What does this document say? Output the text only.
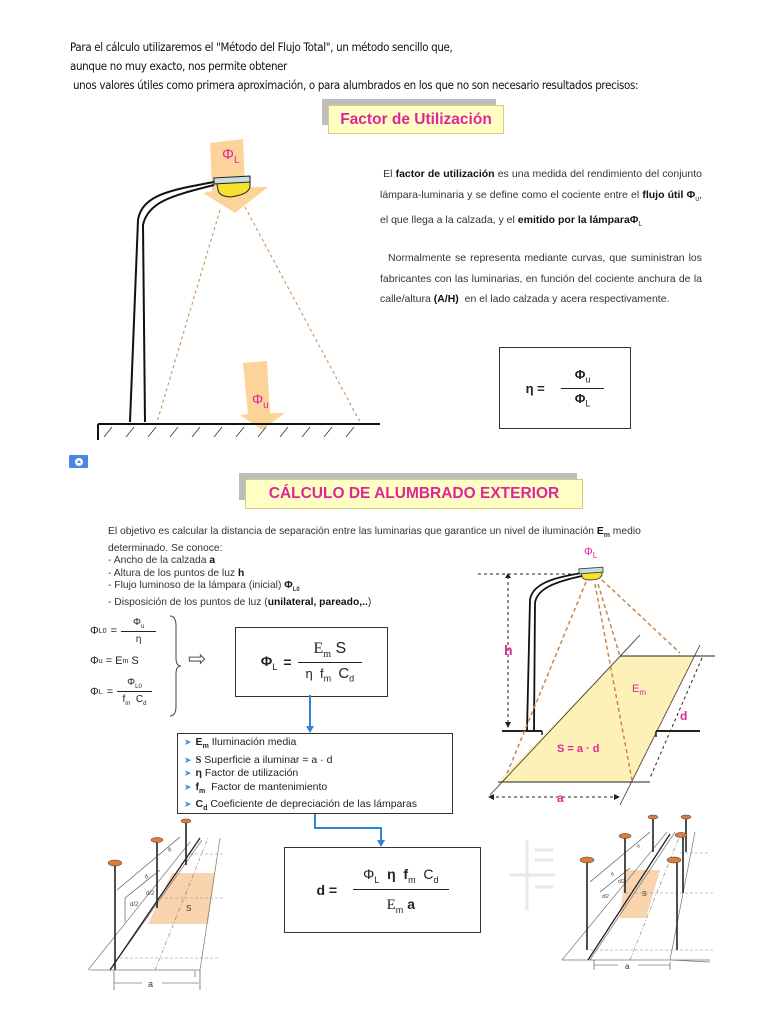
Para el cálculo utilizaremos el "Método del Flujo Total", un método sencillo que,
aunque no muy exacto, nos permite obtener
unos valores útiles como primera aproximación, o para alumbrados en los que no son necesario resultados precisos:
Factor de Utilización
$\Phi_L$
$\Phi_u$
El factor de utilización es una medida del rendimiento del conjunto lámpara-luminaria y se define como el cociente entre el flujo útil $\Phi_u$, el que llega a la calzada, y el emitido por la lámparaΦ$_L$
Normalmente se representa mediante curvas, que suministran los fabricantes con las luminarias, en función del cociente anchura de la calle/altura (A/H)  en el lado calzada y acera respectivamente.
$\eta = \frac{\Phi_u}{\Phi_L}$
CÁLCULO DE ALUMBRADO EXTERIOR
El objetivo es calcular la distancia de separación entre las luminarias que garantice un nivel de iluminación $E_m$ medio
determinado. Se conoce:
- Ancho de la calzada a
- Altura de los puntos de luz h
- Flujo luminoso de la lámpara (inicial) $\Phi_{L0}$
- Disposición de los puntos de luz (unilateral, pareado,..)
Φ $L0 = \frac{\Phi_u}{\eta}$
Φ u = E m S
Φ $L = \frac{\Phi_{L0}}{f_m C_d}$
⇨	$\Phi_L = \frac{E_m S}{\eta f_m C_d}$
➤ $E_m$ Iluminación media
➤ S Superficie a iluminar = a · d
➤ η Factor de utilización
➤ $f_m$  Factor de mantenimiento
➤ $C_d$ Coeficiente de depreciación de las lámparas
$d = \frac{\Phi_L \eta f_m C_d}{E_m a}$
$\Phi_L$
h
$E_m$
d
S = a · d
a
d
d
d/2
d/2	S
a
d
d
d/2
d/2	S
a
